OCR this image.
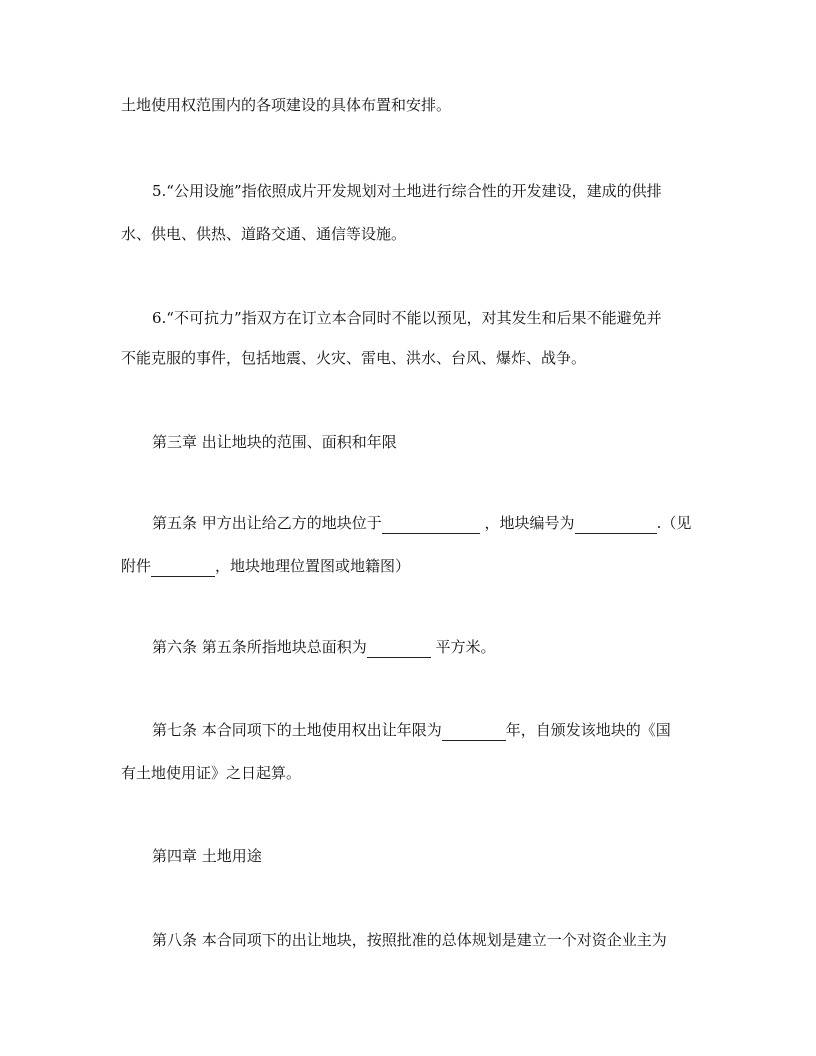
土地使用权范围内的各项建设的具体布置和安排。
5.“公用设施”指依照成片开发规划对土地进行综合性的开发建设，建成的供排
水、供电、供热、道路交通、通信等设施。
6.“不可抗力”指双方在订立本合同时不能以预见，对其发生和后果不能避免并
不能克服的事件，包括地震、火灾、雷电、洪水、台风、爆炸、战争。
第三章 出让地块的范围、面积和年限
第五条 甲方出让给乙方的地块位于	，地块编号为	.（见
附件	，地块地理位置图或地籍图）
第六条 第五条所指地块总面积为	平方米。
第七条 本合同项下的土地使用权出让年限为	年，自颁发该地块的《国
有土地使用证》之日起算。
第四章 土地用途
第八条 本合同项下的出让地块，按照批准的总体规划是建立一个对资企业主为
